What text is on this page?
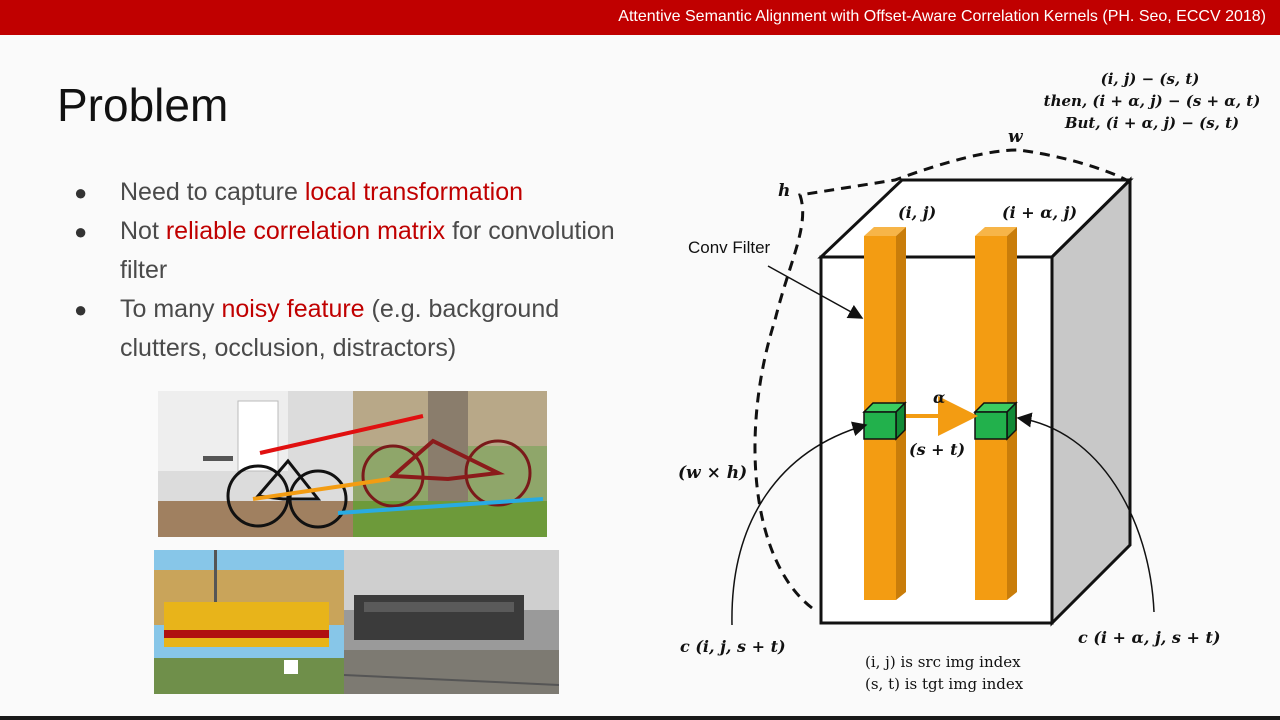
Attentive Semantic Alignment with Offset-Aware Correlation Kernels (PH. Seo, ECCV 2018)
Problem
● Need to capture local transformation
● Not reliable correlation matrix for convolution filter
● To many noisy feature (e.g. background clutters, occlusion, distractors)
(i, j) − (s, t)
then, (i + α, j) − (s + α, t)
But, (i + α, j) − (s, t)
w
h
(i, j)	(i + α, j)
Conv Filter
α
(s + t)
(w × h)
c (i, j, s + t)	c (i + α, j, s + t)
(i, j) is src img index
(s, t) is tgt img index
